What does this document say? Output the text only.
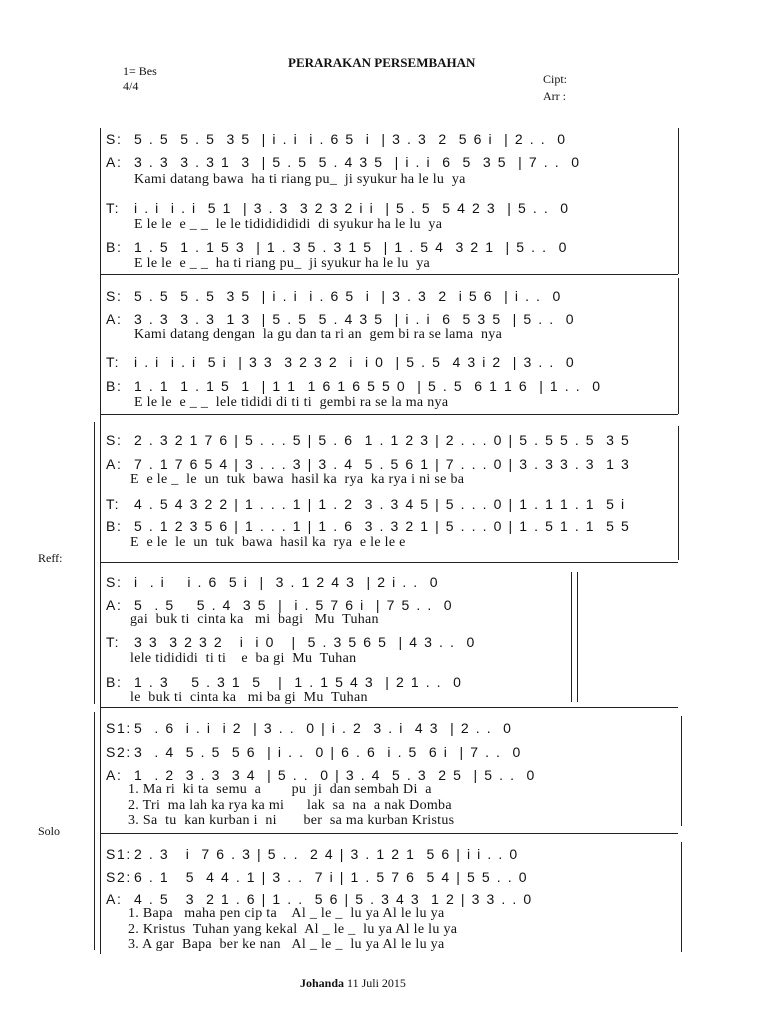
PERARAKAN PERSEMBAHAN
1= Bes
4/4	Cipt:
Arr :
S: 5 . 5  5 . 5  3 5  | i . i  i . 6 5  i  | 3 . 3  2  5 6 i  | 2 . .  0
A: 3 . 3  3 . 3 1  3  | 5 . 5  5 . 4 3 5  | i . i  6  5  3 5  | 7 . .  0
Kami datang bawa  ha ti riang pu_  ji syukur ha le lu  ya
T: i . i  i . i  5 1  | 3 . 3  3 2 3 2 i i  | 5 . 5  5 4 2 3  | 5 . .  0
E le le  e _ _  le le tidididididi  di syukur ha le lu  ya
B: 1 . 5  1 . 1 5 3  | 1 . 3 5 . 3 1 5  | 1 . 5 4  3 2 1  | 5 . .  0
E le le  e _ _  ha ti riang pu_  ji syukur ha le lu  ya
S: 5 . 5  5 . 5  3 5  | i . i  i . 6 5  i  | 3 . 3  2  i 5 6  | i . .  0
A: 3 . 3  3 . 3  1 3  | 5 . 5  5 . 4 3 5  | i . i  6  5 3 5  | 5 . .  0
Kami datang dengan  la gu dan ta ri an  gem bi ra se lama  nya
T: i . i  i . i  5 i  | 3 3  3 2 3 2  i  i 0  | 5 . 5  4 3 i 2  | 3 . .  0
B: 1 . 1  1 . 1 5  1  | 1 1  1 6 1 6 5 5 0  | 5 . 5  6 1 1 6  | 1 . .  0
E le le  e _ _  lele tididi di ti ti  gembi ra se la ma nya
S: 2 . 3 2 1 7 6 | 5 . . . 5 | 5 . 6  1 . 1 2 3 | 2 . . . 0 | 5 . 5 5 . 5  3 5
A: 7 . 1 7 6 5 4 | 3 . . . 3 | 3 . 4  5 . 5 6 1 | 7 . . . 0 | 3 . 3 3 . 3  1 3
E  e le _  le  un  tuk  bawa  hasil ka  rya  ka rya i ni se ba
T: 4 . 5 4 3 2 2 | 1 . . . 1 | 1 . 2  3 . 3 4 5 | 5 . . . 0 | 1 . 1 1 . 1  5 i
B: 5 . 1 2 3 5 6 | 1 . . . 1 | 1 . 6  3 . 3 2 1 | 5 . . . 0 | 1 . 5 1 . 1  5 5
E  e le  le  un  tuk  bawa  hasil ka  rya  e le le e
S: i  . i    i . 6  5 i  |  3 . 1 2 4 3  | 2 i . .  0
A: 5  . 5    5 . 4  3 5  |  i . 5 7 6 i  | 7 5 . .  0
gai  buk ti  cinta ka   mi  bagi   Mu  Tuhan
T: 3 3  3 2 3 2   i  i 0   |  5 . 3 5 6 5  | 4 3 . .  0
lele tidididi  ti ti    e  ba gi  Mu  Tuhan
B: 1 . 3    5 . 3 1  5   |  1 . 1 5 4 3  | 2 1 . .  0
le  buk ti  cinta ka   mi ba gi  Mu  Tuhan
S1: 5  . 6  i . i  i 2  | 3 . .  0 | i . 2  3 . i  4 3  | 2 . .  0
S2: 3  . 4  5 . 5  5 6  | i . .  0 | 6 . 6  i . 5  6 i  | 7 . .  0
A: 1  . 2  3 . 3  3 4  | 5 . .  0 | 3 . 4  5 . 3  2 5  | 5 . .  0
1. Ma ri  ki ta  semu  a        pu  ji  dan sembah Di  a
2. Tri  ma lah ka rya ka mi      lak  sa  na  a nak Domba
3. Sa  tu  kan kurban i  ni       ber  sa ma kurban Kristus
S1: 2 . 3   i  7 6 . 3 | 5 . .  2 4 | 3 . 1 2 1  5 6 | i i . . 0
S2: 6 . 1   5  4 4 . 1 | 3 . .  7 i | 1 . 5 7 6  5 4 | 5 5 . . 0
A: 4 . 5   3  2 1 . 6 | 1 . .  5 6 | 5 . 3 4 3  1 2 | 3 3 . . 0
1. Bapa   maha pen cip ta    Al _ le _  lu ya Al le lu ya
2. Kristus  Tuhan yang kekal  Al _ le _  lu ya Al le lu ya
3. A gar  Bapa  ber ke nan   Al _ le _  lu ya Al le lu ya
Reff:
Solo
Johanda 11 Juli 2015
